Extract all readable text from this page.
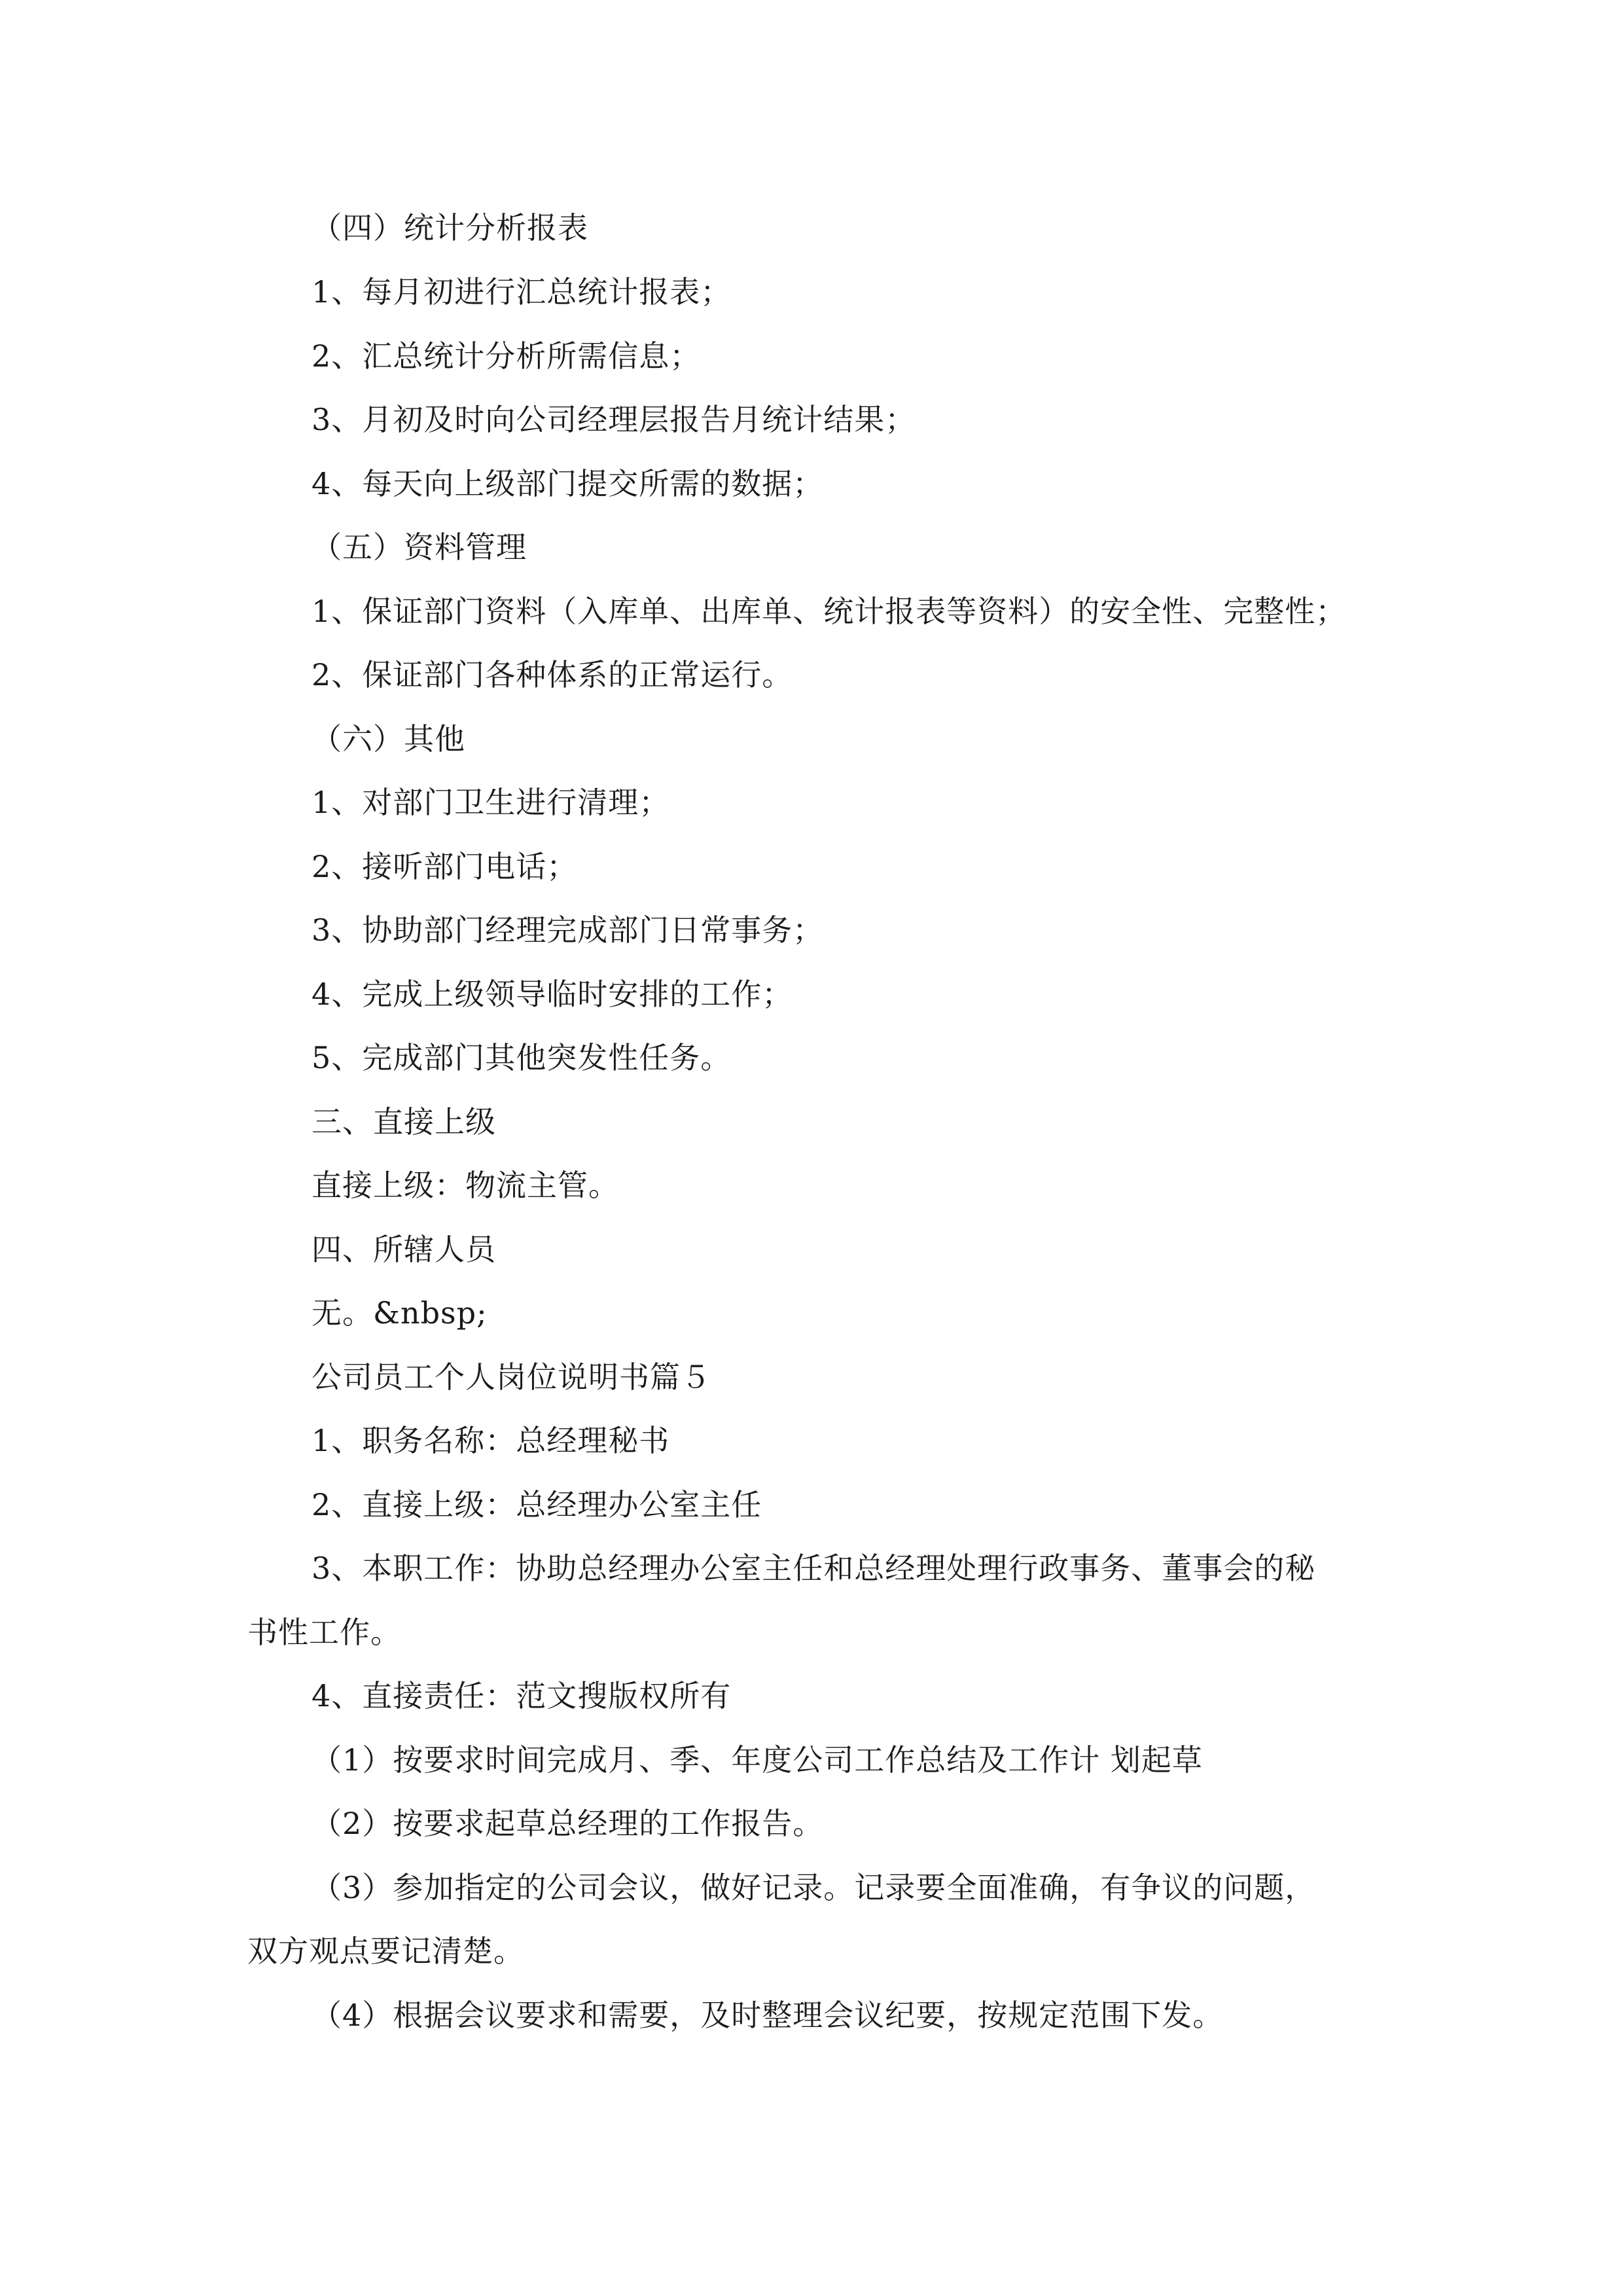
（四）统计分析报表
1、每月初进行汇总统计报表；
2、汇总统计分析所需信息；
3、月初及时向公司经理层报告月统计结果；
4、每天向上级部门提交所需的数据；
（五）资料管理
1、保证部门资料（入库单、出库单、统计报表等资料）的安全性、完整性；
2、保证部门各种体系的正常运行。
（六）其他
1、对部门卫生进行清理；
2、接听部门电话；
3、协助部门经理完成部门日常事务；
4、完成上级领导临时安排的工作；
5、完成部门其他突发性任务。
三、直接上级
直接上级：物流主管。
四、所辖人员
无。&nbsp;
公司员工个人岗位说明书篇５
1、职务名称：总经理秘书
2、直接上级：总经理办公室主任
3、本职工作：协助总经理办公室主任和总经理处理行政事务、董事会的秘
书性工作。
4、直接责任：范文搜版权所有
（1）按要求时间完成月、季、年度公司工作总结及工作计 划起草
（2）按要求起草总经理的工作报告。
（3）参加指定的公司会议，做好记录。记录要全面准确，有争议的问题，
双方观点要记清楚。
（4）根据会议要求和需要，及时整理会议纪要，按规定范围下发。
